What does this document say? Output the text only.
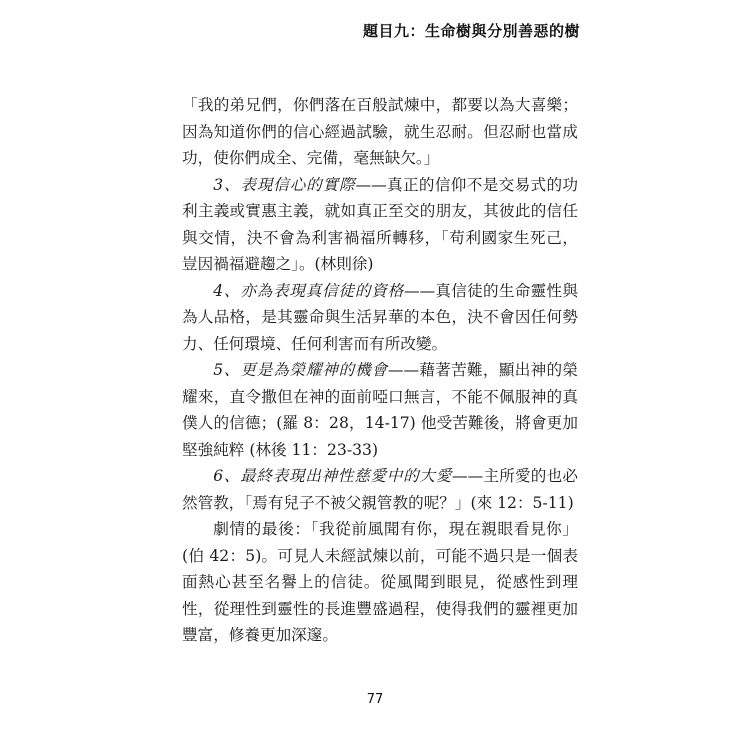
題目九：生命樹與分別善惡的樹

「我的弟兄們，你們落在百般試煉中，都要以為大喜樂；因為知道你們的信心經過試驗，就生忍耐。但忍耐也當成功，使你們成全、完備，毫無缺欠。」

3、表現信心的實際——真正的信仰不是交易式的功利主義或實惠主義，就如真正至交的朋友，其彼此的信任與交情，決不會為利害禍福所轉移，「苟利國家生死己，豈因禍福避趨之」。(林則徐)

4、亦為表現真信徒的資格——真信徒的生命靈性與為人品格，是其靈命與生活昇華的本色，決不會因任何勢力、任何環境、任何利害而有所改變。

5、更是為榮耀神的機會——藉著苦難，顯出神的榮耀來，直令撒但在神的面前啞口無言，不能不佩服神的真僕人的信德；(羅 8：28，14-17) 他受苦難後，將會更加堅強純粹 (林後 11：23-33)

6、最終表現出神性慈愛中的大愛——主所愛的也必然管教，「焉有兒子不被父親管教的呢？」(來 12：5-11)

劇情的最後：「我從前風聞有你，現在親眼看見你」(伯 42：5)。可見人未經試煉以前，可能不過只是一個表面熱心甚至名譽上的信徒。從風聞到眼見，從感性到理性，從理性到靈性的長進豐盛過程，使得我們的靈裡更加豐富，修養更加深邃。

77
